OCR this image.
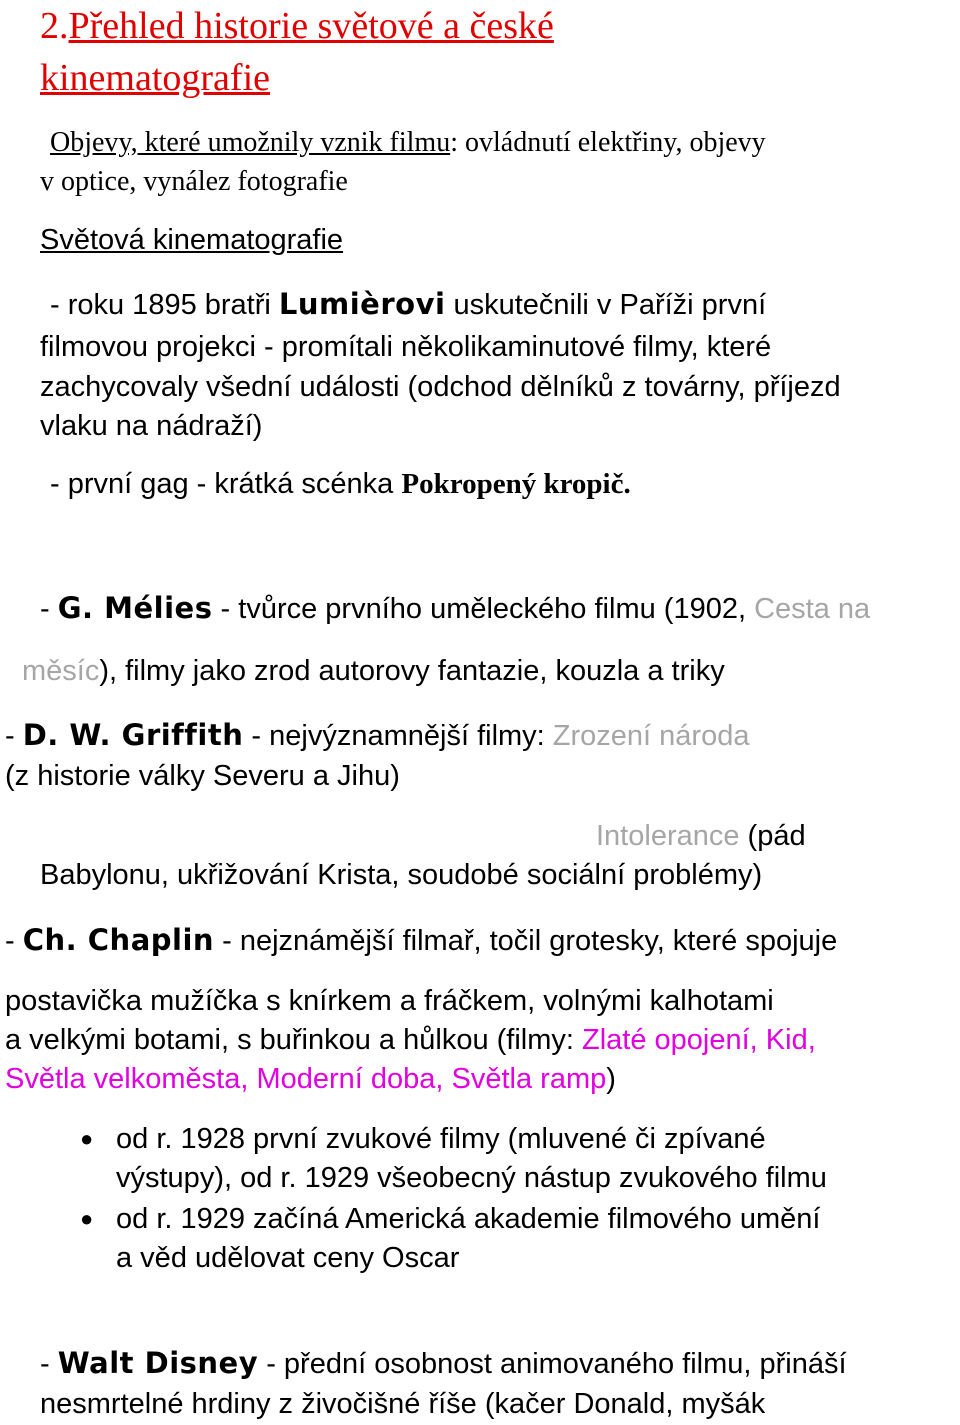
2.Přehled historie světové a české
kinematografie
Objevy, které umožnily vznik filmu: ovládnutí elektřiny, objevy
v optice, vynález fotografie
Světová kinematografie
- roku 1895 bratři Lumièrovi uskutečnili v Paříži první
filmovou projekci - promítali několikaminutové filmy, které
zachycovaly všední události (odchod dělníků z továrny, příjezd
vlaku na nádraží)
- první gag - krátká scénka Pokropený kropič.
- G. Mélies - tvůrce prvního uměleckého filmu (1902, Cesta na
měsíc), filmy jako zrod autorovy fantazie, kouzla a triky
- D. W. Griffith - nejvýznamnější filmy: Zrození národa
(z historie války Severu a Jihu)
Intolerance (pád
Babylonu, ukřižování Krista, soudobé sociální problémy)
- Ch. Chaplin - nejznámější filmař, točil grotesky, které spojuje
postavička mužíčka s knírkem a fráčkem, volnými kalhotami
a velkými botami, s buřinkou a hůlkou (filmy: Zlaté opojení, Kid,
Světla velkoměsta, Moderní doba, Světla ramp)
● od r. 1928 první zvukové filmy (mluvené či zpívané
výstupy), od r. 1929 všeobecný nástup zvukového filmu
● od r. 1929 začíná Americká akademie filmového umění
a věd udělovat ceny Oscar
- Walt Disney - přední osobnost animovaného filmu, přináší
nesmrtelné hrdiny z živočišné říše (kačer Donald, myšák
